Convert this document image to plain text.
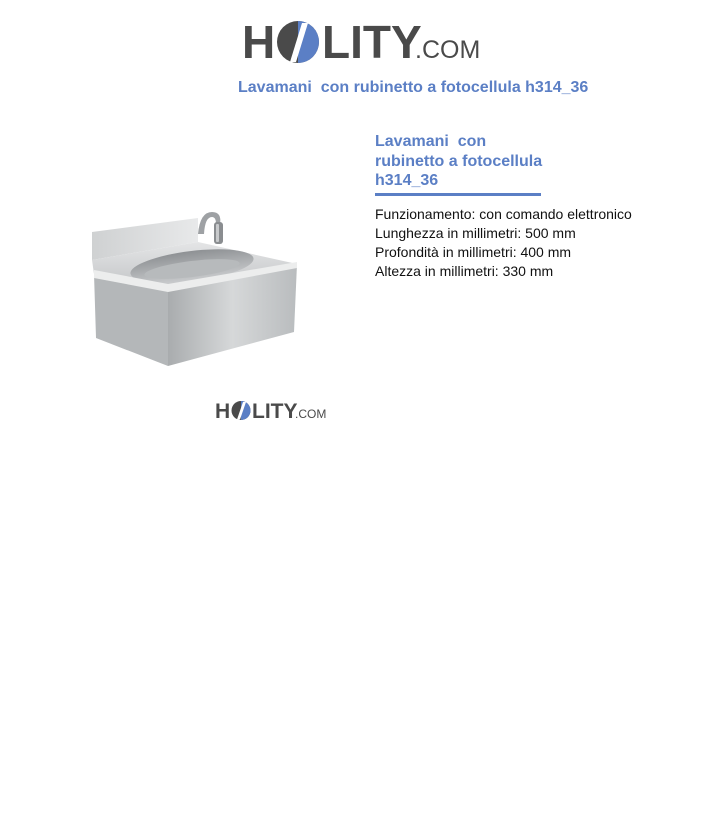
H LITY
.COM
Lavamani  con rubinetto a fotocellula h314_36
H LITY
.COM
Lavamani  con
rubinetto a fotocellula
h314_36
Funzionamento: con comando elettronico
Lunghezza in millimetri: 500 mm
Profondità in millimetri: 400 mm
Altezza in millimetri: 330 mm
